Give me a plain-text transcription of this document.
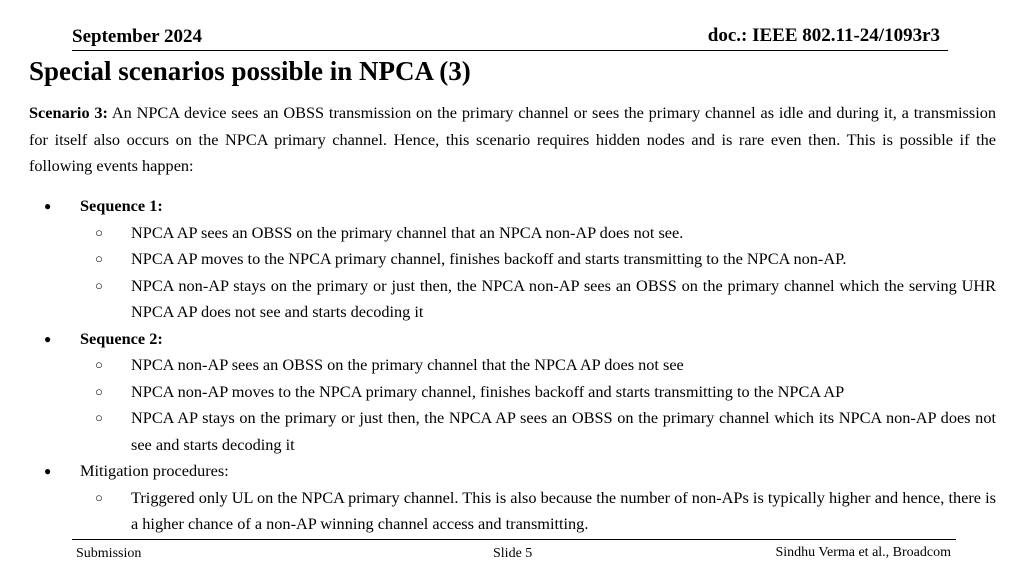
September 2024	doc.: IEEE 802.11-24/1093r3
Special scenarios possible in NPCA (3)
Scenario 3: An NPCA device sees an OBSS transmission on the primary channel or sees the primary channel as idle and during it, a transmission for itself also occurs on the NPCA primary channel. Hence, this scenario requires hidden nodes and is rare even then. This is possible if the following events happen:
● Sequence 1:
○ NPCA AP sees an OBSS on the primary channel that an NPCA non-AP does not see.
○ NPCA AP moves to the NPCA primary channel, finishes backoff and starts transmitting to the NPCA non-AP.
○ NPCA non-AP stays on the primary or just then, the NPCA non-AP sees an OBSS on the primary channel which the serving UHR NPCA AP does not see and starts decoding it
● Sequence 2:
○ NPCA non-AP sees an OBSS on the primary channel that the NPCA AP does not see
○ NPCA non-AP moves to the NPCA primary channel, finishes backoff and starts transmitting to the NPCA AP
○ NPCA AP stays on the primary or just then, the NPCA AP sees an OBSS on the primary channel which its NPCA non-AP does not see and starts decoding it
● Mitigation procedures:
○ Triggered only UL on the NPCA primary channel. This is also because the number of non-APs is typically higher and hence, there is a higher chance of a non-AP winning channel access and transmitting.
Submission	Slide 5	Sindhu Verma et al., Broadcom
